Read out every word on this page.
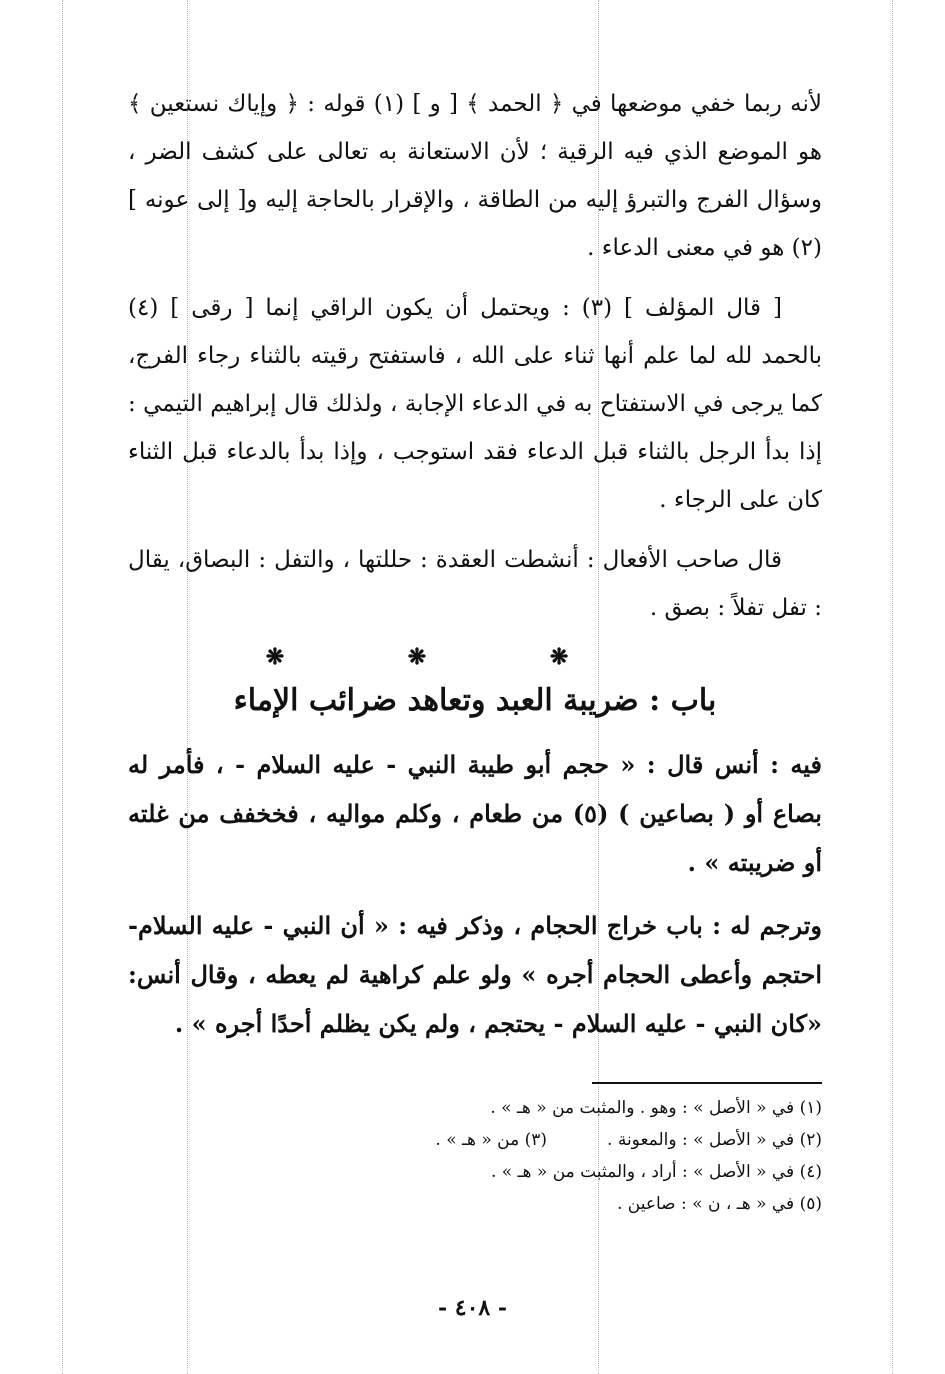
لأنه ربما خفي موضعها في ﴿ الحمد ﴾ [ و ] (١) قوله : ﴿ وإياك نستعين ﴾ هو الموضع الذي فيه الرقية ؛ لأن الاستعانة به تعالى على كشف الضر ، وسؤال الفرج والتبرؤ إليه من الطاقة ، والإقرار بالحاجة إليه و[ إلى عونه ] (٢) هو في معنى الدعاء .

[ قال المؤلف ] (٣) : ويحتمل أن يكون الراقي إنما [ رقى ] (٤) بالحمد لله لما علم أنها ثناء على الله ، فاستفتح رقيته بالثناء رجاء الفرج، كما يرجى في الاستفتاح به في الدعاء الإجابة ، ولذلك قال إبراهيم التيمي : إذا بدأ الرجل بالثناء قبل الدعاء فقد استوجب ، وإذا بدأ بالدعاء قبل الثناء كان على الرجاء .

قال صاحب الأفعال : أنشطت العقدة : حللتها ، والتفل : البصاق، يقال : تفل تفلاً : بصق .

❋ ❋ ❋
باب : ضريبة العبد وتعاهد ضرائب الإماء

فيه : أنس قال : « حجم أبو طيبة النبي - عليه السلام - ، فأمر له بصاع أو ( بصاعين ) (٥) من طعام ، وكلم مواليه ، فخخفف من غلته أو ضريبته » .

وترجم له : باب خراج الحجام ، وذكر فيه : « أن النبي - عليه السلام- احتجم وأعطى الحجام أجره » ولو علم كراهية لم يعطه ، وقال أنس: «كان النبي - عليه السلام - يحتجم ، ولم يكن يظلم أحدًا أجره » .

(١) في « الأصل » : وهو . والمثبت من « هـ » .
(٢) في « الأصل » : والمعونة .(٣) من « هـ » .
(٤) في « الأصل » : أراد ، والمثبت من « هـ » .
(٥) في « هـ ، ن » : صاعين .
- ٤٠٨ -
